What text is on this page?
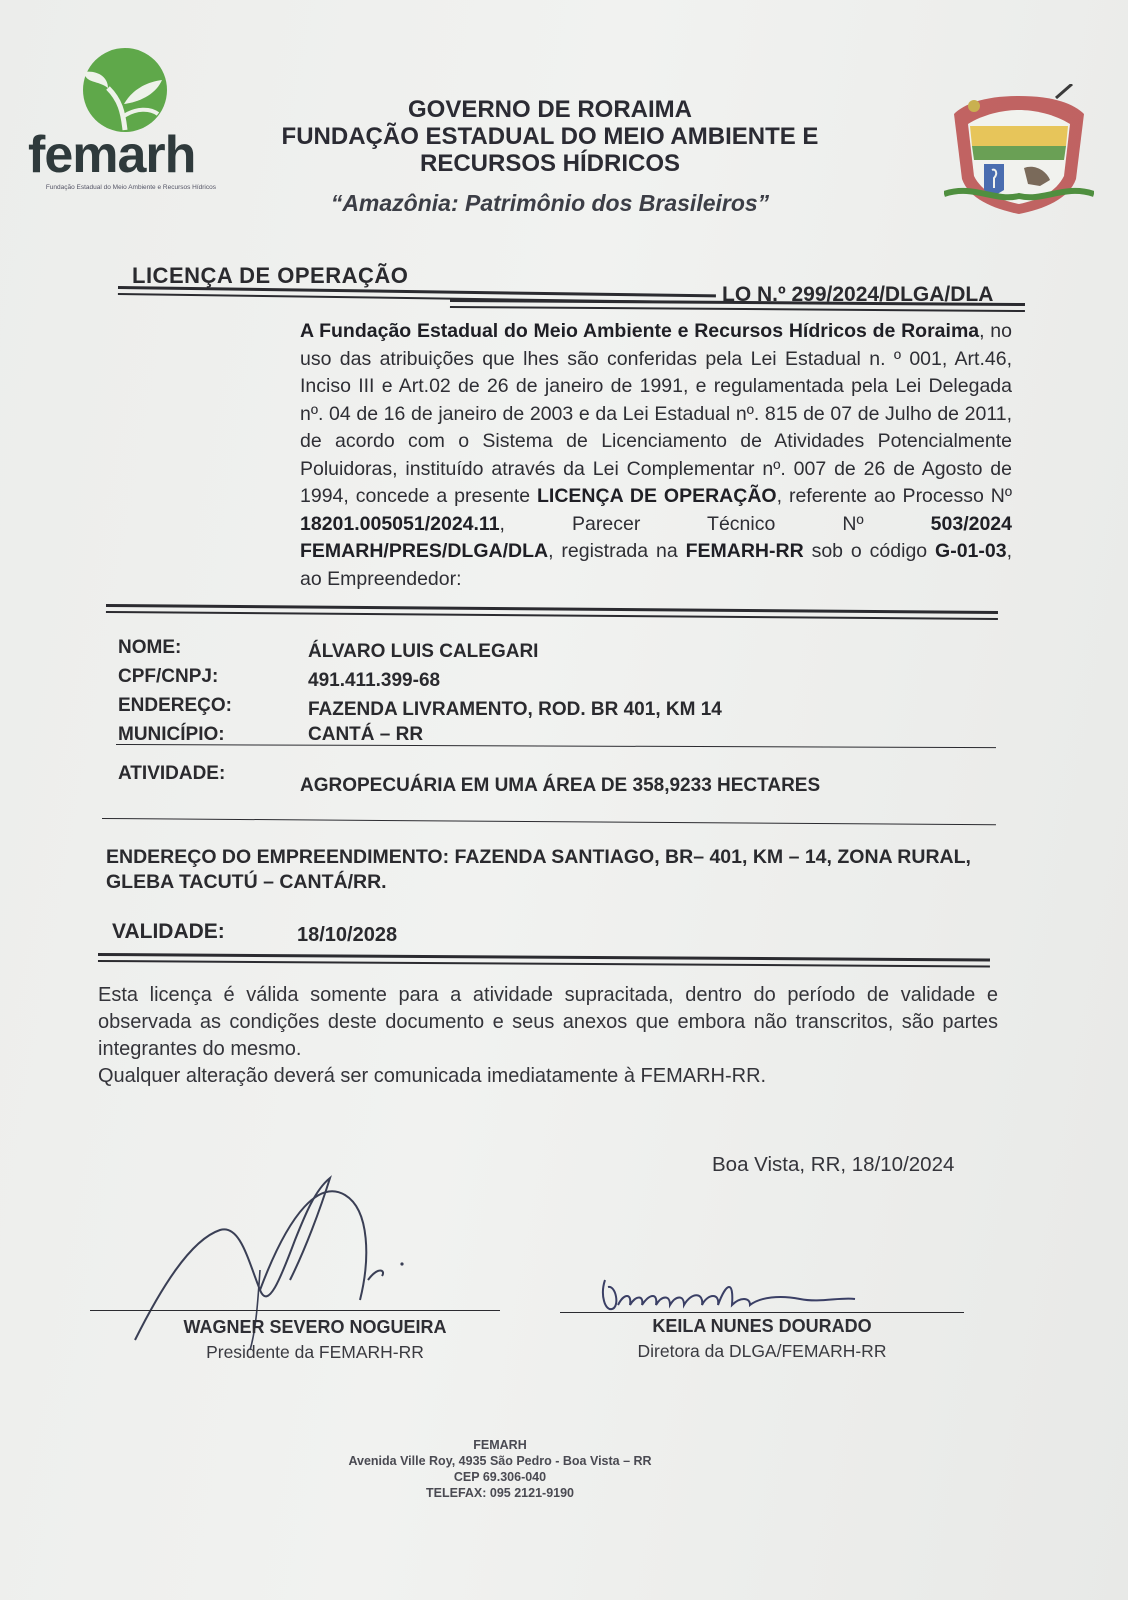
femarh
Fundação Estadual do Meio Ambiente e Recursos Hídricos
GOVERNO DE RORAIMA
FUNDAÇÃO ESTADUAL DO MEIO AMBIENTE E
RECURSOS HÍDRICOS
“Amazônia: Patrimônio dos Brasileiros”
LICENÇA DE OPERAÇÃO
LO N.º 299/2024/DLGA/DLA
A Fundação Estadual do Meio Ambiente e Recursos Hídricos de Roraima, no uso das atribuições que lhes são conferidas pela Lei Estadual n. º 001, Art.46, Inciso III e Art.02 de 26 de janeiro de 1991, e regulamentada pela Lei Delegada nº. 04 de 16 de janeiro de 2003 e da Lei Estadual nº. 815 de 07 de Julho de 2011, de acordo com o Sistema de Licenciamento de Atividades Potencialmente Poluidoras, instituído através da Lei Complementar nº. 007 de 26 de Agosto de 1994, concede a presente LICENÇA DE OPERAÇÃO, referente ao Processo Nº 18201.005051/2024.11, Parecer Técnico Nº 503/2024 FEMARH/PRES/DLGA/DLA, registrada na FEMARH-RR sob o código G-01-03, ao Empreendedor:
NOME:	ÁLVARO LUIS CALEGARI
CPF/CNPJ:	491.411.399-68
ENDEREÇO:	FAZENDA LIVRAMENTO, ROD. BR 401, KM 14
MUNICÍPIO:	CANTÁ – RR
ATIVIDADE:
AGROPECUÁRIA EM UMA ÁREA DE 358,9233 HECTARES
ENDEREÇO DO EMPREENDIMENTO: FAZENDA SANTIAGO, BR– 401, KM – 14, ZONA RURAL, GLEBA TACUTÚ – CANTÁ/RR.
VALIDADE:	18/10/2028
Esta licença é válida somente para a atividade supracitada, dentro do período de validade e observada as condições deste documento e seus anexos que embora não transcritos, são partes integrantes do mesmo.
Qualquer alteração deverá ser comunicada imediatamente à FEMARH-RR.
Boa Vista, RR, 18/10/2024
WAGNER SEVERO NOGUEIRA
Presidente da FEMARH-RR
KEILA NUNES DOURADO
Diretora da DLGA/FEMARH-RR
FEMARH
Avenida Ville Roy, 4935 São Pedro - Boa Vista – RR
CEP 69.306-040
TELEFAX: 095 2121-9190
